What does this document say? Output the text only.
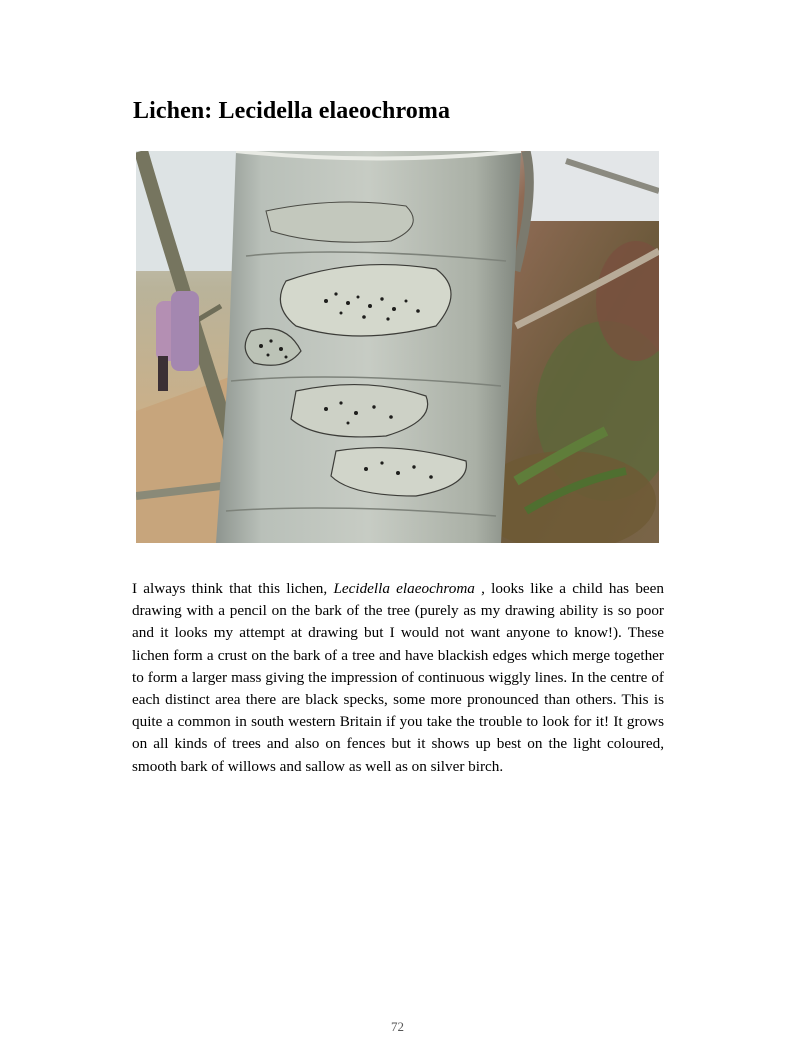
Lichen: Lecidella elaeochroma

I always think that this lichen, Lecidella elaeochroma , looks like a child has been drawing with a pencil on the bark of the tree (purely as my drawing ability is so poor and it looks my attempt at drawing but I would not want anyone to know!). These lichen form a crust on the bark of a tree and have blackish edges which merge together to form a larger mass giving the impression of continuous wiggly lines. In the centre of each distinct area there are black specks, some more pronounced than others. This is quite a common in south western Britain if you take the trouble to look for it! It grows on all kinds of trees and also on fences but it shows up best on the light coloured, smooth bark of willows and sallow as well as on silver birch.

72
